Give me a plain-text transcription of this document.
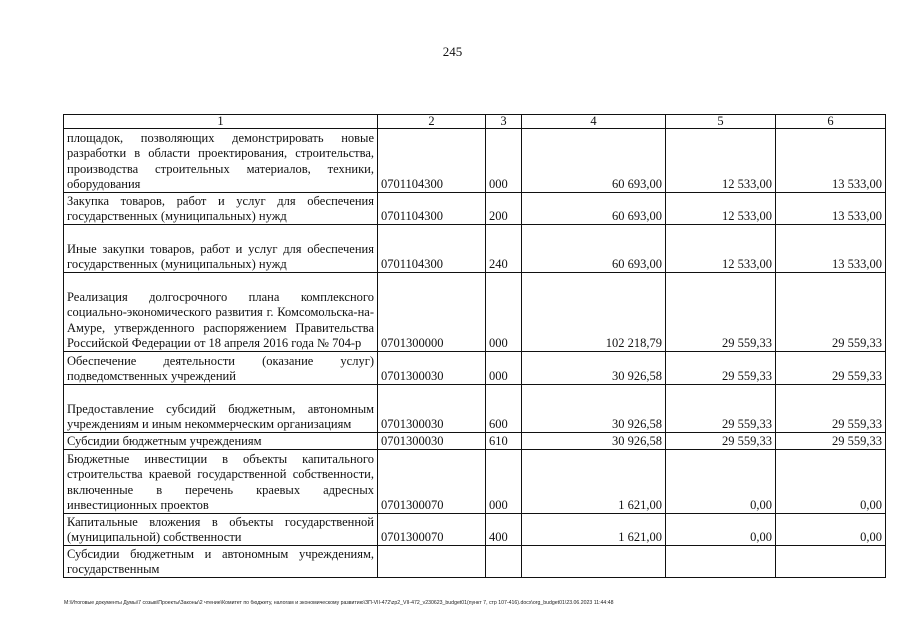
245
1	2	3	4	5	6
площадок, позволяющих демонстрировать новые разработки в области проектирования, строительства, производства строительных материалов, техники, оборудования	0701104300	000	60 693,00	12 533,00	13 533,00
Закупка товаров, работ и услуг для обеспечения государственных (муниципальных) нужд	0701104300	200	60 693,00	12 533,00	13 533,00
Иные закупки товаров, работ и услуг для обеспечения государственных (муниципальных) нужд	0701104300	240	60 693,00	12 533,00	13 533,00
Реализация долгосрочного плана комплексного социально-экономического развития г. Комсомольска-на-Амуре, утвержденного распоряжением Правительства Российской Федерации от 18 апреля 2016 года № 704-р	0701300000	000	102 218,79	29 559,33	29 559,33
Обеспечение деятельности (оказание услуг) подведомственных учреждений	0701300030	000	30 926,58	29 559,33	29 559,33
Предоставление субсидий бюджетным, автономным учреждениям и иным некоммерческим организациям	0701300030	600	30 926,58	29 559,33	29 559,33
Субсидии бюджетным учреждениям	0701300030	610	30 926,58	29 559,33	29 559,33
Бюджетные инвестиции в объекты капитального строительства краевой государственной собственности, включенные в перечень краевых адресных инвестиционных проектов	0701300070	000	1 621,00	0,00	0,00
Капитальные вложения в объекты государственной (муниципальной) собственности	0701300070	400	1 621,00	0,00	0,00
Субсидии бюджетным и автономным учреждениям, государственным					
M:\Итоговые документы Думы\7 созыв\Проекты\Законы\2 чтение\Комитет по бюджету, налогам и экономическому развитию\ЗП-VII-472\zp2_VII-472_v230623_budget01(пункт 7, стр 107-416).docx\org_budget01\23.06.2023 11:44:48
